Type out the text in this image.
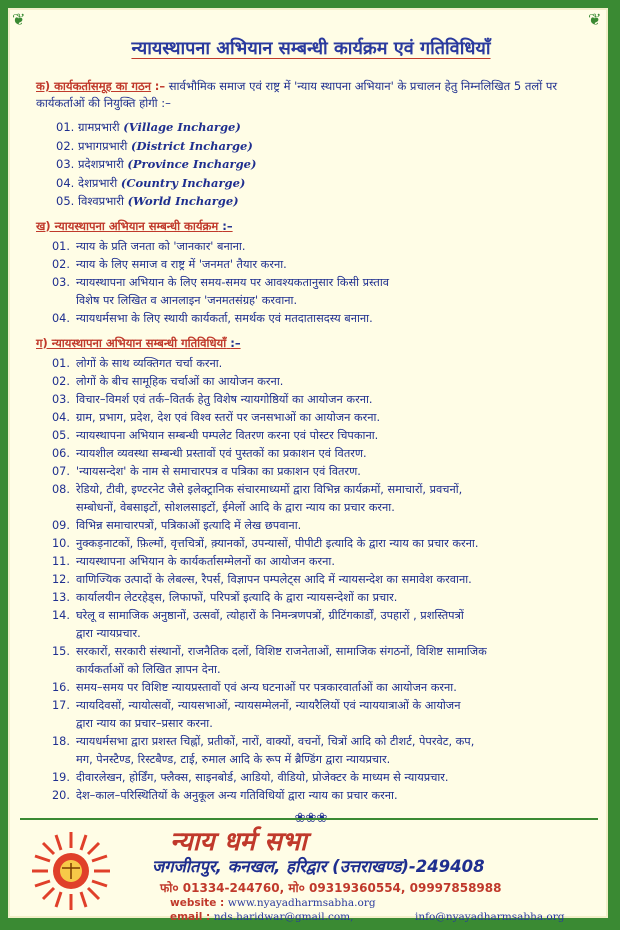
❦	❦
न्यायस्थापना अभियान सम्बन्धी कार्यक्रम एवं गतिविधियाँ
क) कार्यकर्तासमूह का गठन :– सार्वभौमिक समाज एवं राष्ट्र में 'न्याय स्थापना अभियान' के प्रचालन हेतु निम्नलिखित 5 तलों पर कार्यकर्ताओं की नियुक्ति होगी :–
01. ग्रामप्रभारी (Village Incharge)
02. प्रभागप्रभारी (District Incharge)
03. प्रदेशप्रभारी (Province Incharge)
04. देशप्रभारी (Country Incharge)
05. विश्वप्रभारी (World Incharge)
ख) न्यायस्थापना अभियान सम्बन्धी कार्यक्रम :–
01. न्याय के प्रति जनता को 'जानकार' बनाना.
02. न्याय के लिए समाज व राष्ट्र में 'जनमत' तैयार करना.
03. न्यायस्थापना अभियान के लिए समय-समय पर आवश्यकतानुसार किसी प्रस्ताव
विशेष पर लिखित व आनलाइन 'जनमतसंग्रह' करवाना.
04. न्यायधर्मसभा के लिए स्थायी कार्यकर्ता, समर्थक एवं मतदातासदस्य बनाना.
ग) न्यायस्थापना अभियान सम्बन्धी गतिविधियाँ :–
01. लोगों के साथ व्यक्तिगत चर्चा करना.
02. लोगों के बीच सामूहिक चर्चाओं का आयोजन करना.
03. विचार–विमर्श एवं तर्क–वितर्क हेतु विशेष न्यायगोष्ठियों का आयोजन करना.
04. ग्राम, प्रभाग, प्रदेश, देश एवं विश्व स्तरों पर जनसभाओं का आयोजन करना.
05. न्यायस्थापना अभियान सम्बन्धी पम्पलेट वितरण करना एवं पोस्टर चिपकाना.
06. न्यायशील व्यवस्था सम्बन्धी प्रस्तावों एवं पुस्तकों का प्रकाशन एवं वितरण.
07. 'न्यायसन्देश' के नाम से समाचारपत्र व पत्रिका का प्रकाशन एवं वितरण.
08. रेडियो, टीवी, इण्टरनेट जैसे इलेक्ट्रानिक संचारमाध्यमों द्वारा विभिन्न कार्यक्रमों, समाचारों, प्रवचनों,
सम्बोधनों, वेबसाइटों, सोशलसाइटों, ईमेलों आदि के द्वारा न्याय का प्रचार करना.
09. विभिन्न समाचारपत्रों, पत्रिकाओं इत्यादि में लेख छपवाना.
10. नुक्कड़नाटकों, फ़िल्मों, वृत्तचित्रों, क़्यानकों, उपन्यासों, पीपीटी इत्यादि के द्वारा न्याय का प्रचार करना.
11. न्यायस्थापना अभियान के कार्यकर्तासम्मेलनों का आयोजन करना.
12. वाणिज्यिक उत्पादों के लेबल्स, रैपर्स, विज्ञापन पम्पलेट्स आदि में न्यायसन्देश का समावेश करवाना.
13. कार्यालयीन लेटरहेड्स, लिफाफों, परिपत्रों इत्यादि के द्वारा न्यायसन्देशों का प्रचार.
14. घरेलू व सामाजिक अनुष्ठानों, उत्सवों, त्योहारों के निमन्त्रणपत्रों, ग्रीटिंगकार्डों, उपहारों , प्रशस्तिपत्रों
द्वारा न्यायप्रचार.
15. सरकारों, सरकारी संस्थानों, राजनैतिक दलों, विशिष्ट राजनेताओं, सामाजिक संगठनों, विशिष्ट सामाजिक
कार्यकर्ताओं को लिखित ज्ञापन देना.
16. समय–समय पर विशिष्ट न्यायप्रस्तावों एवं अन्य घटनाओं पर पत्रकारवार्ताओं का आयोजन करना.
17. न्यायदिवसों, न्यायोत्सवों, न्यायसभाओं, न्यायसम्मेलनों, न्यायरैलियों एवं न्याययात्राओं के आयोजन
द्वारा न्याय का प्रचार–प्रसार करना.
18. न्यायधर्मसभा द्वारा प्रशस्त चिह्नों, प्रतीकों, नारों, वाक्यों, वचनों, चित्रों आदि को टीशर्ट, पेपरवेट, कप,
मग, पेनस्टैण्ड, रिस्टबैण्ड, टाई, रुमाल आदि के रूप में ब्रैण्डिंग द्वारा न्यायप्रचार.
19. दीवारलेखन, होर्डिंग, फ्लैक्स, साइनबोर्ड, आडियो, वीडियो, प्रोजेक्टर के माध्यम से न्यायप्रचार.
20. देश–काल–परिस्थितियों के अनुकूल अन्य गतिविधियों द्वारा न्याय का प्रचार करना.
न्याय धर्म सभा
जगजीतपुर, कनखल, हरिद्वार (उत्तराखण्ड)-249408
फो० 01334-244760, मो० 09319360554, 09997858988
website : www.nyayadharmsabha.org
email : nds.haridwar@gmail.com,	info@nyayadharmsabha.org
